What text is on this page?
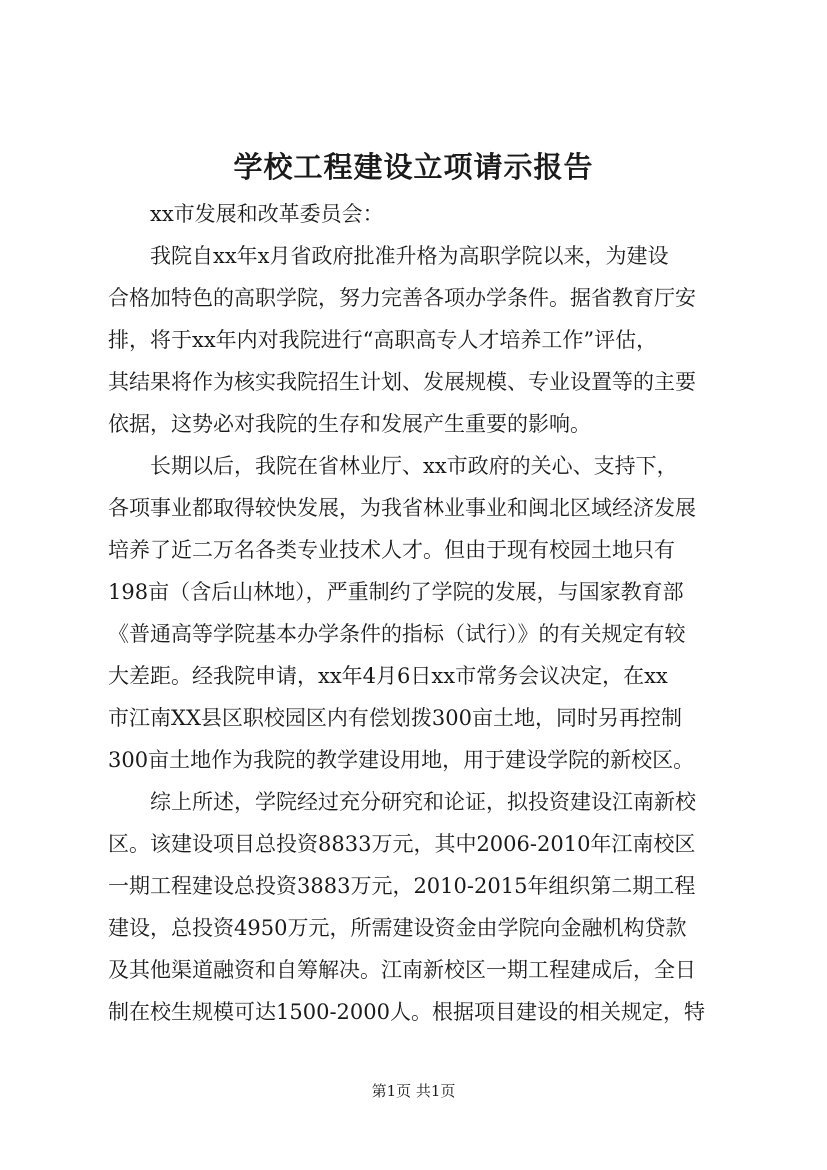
学校工程建设立项请示报告

xx市发展和改革委员会：

我院自xx年x月省政府批准升格为高职学院以来，为建设

合格加特色的高职学院，努力完善各项办学条件。据省教育厅安

排，将于xx年内对我院进行“高职高专人才培养工作”评估，

其结果将作为核实我院招生计划、发展规模、专业设置等的主要

依据，这势必对我院的生存和发展产生重要的影响。

长期以后，我院在省林业厅、xx市政府的关心、支持下，

各项事业都取得较快发展，为我省林业事业和闽北区域经济发展

培养了近二万名各类专业技术人才。但由于现有校园土地只有

198亩（含后山林地），严重制约了学院的发展，与国家教育部

《普通高等学院基本办学条件的指标（试行）》的有关规定有较

大差距。经我院申请，xx年4月6日xx市常务会议决定，在xx

市江南XX县区职校园区内有偿划拨300亩土地，同时另再控制

300亩土地作为我院的教学建设用地，用于建设学院的新校区。

综上所述，学院经过充分研究和论证，拟投资建设江南新校

区。该建设项目总投资8833万元，其中2006-2010年江南校区

一期工程建设总投资3883万元，2010-2015年组织第二期工程

建设，总投资4950万元，所需建设资金由学院向金融机构贷款

及其他渠道融资和自筹解决。江南新校区一期工程建成后，全日

制在校生规模可达1500-2000人。根据项目建设的相关规定，特

第1页 共1页
